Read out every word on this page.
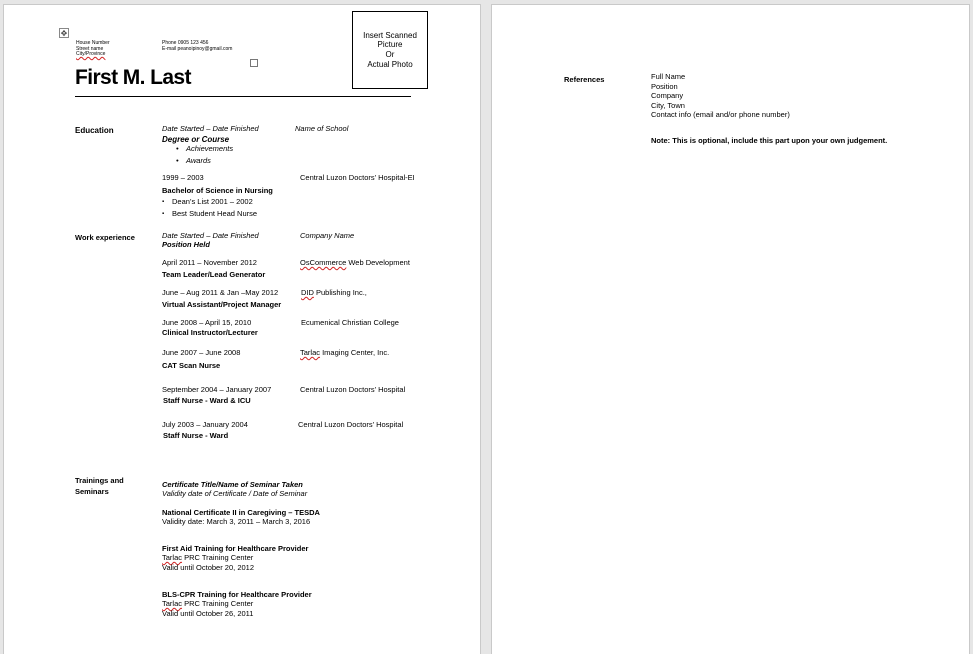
✥
House Number
Street name
City/Province
Phone 0905 123 456
E-mail peanoipinoy@gmail.com
Insert Scanned
Picture
Or
Actual Photo
First M. Last
Education	Date Started – Date Finished	Name of School
Degree or Course
• Achievements
• Awards
1999 – 2003	Central Luzon Doctors’ Hospital-EI
Bachelor of Science in Nursing
▪ Dean’s List 2001 – 2002
▪ Best Student Head Nurse
Work experience	Date Started – Date Finished	Company Name
Position Held
April 2011 – November 2012	OsCommerce Web Development
Team Leader/Lead Generator
June – Aug 2011 & Jan –May 2012	DID Publishing Inc.,
Virtual Assistant/Project Manager
June 2008 – April 15, 2010	Ecumenical Christian College
Clinical Instructor/Lecturer
June 2007 – June 2008	Tarlac Imaging Center, Inc.
CAT Scan Nurse
September 2004 – January 2007	Central Luzon Doctors’ Hospital
Staff Nurse - Ward & ICU
July 2003 – January 2004	Central Luzon Doctors’ Hospital
Staff Nurse - Ward
Trainings and
Seminars
Certificate Title/Name of Seminar Taken
Validity date of Certificate / Date of Seminar
National Certificate II in Caregiving – TESDA
Validity date: March 3, 2011 – March 3, 2016
First Aid Training for Healthcare Provider
Tarlac PRC Training Center
Valid until October 20, 2012
BLS-CPR Training for Healthcare Provider
Tarlac PRC Training Center
Valid until October 26, 2011
References	Full Name
Position
Company
City, Town
Contact info (email and/or phone number)
Note: This is optional, include this part upon your own judgement.
